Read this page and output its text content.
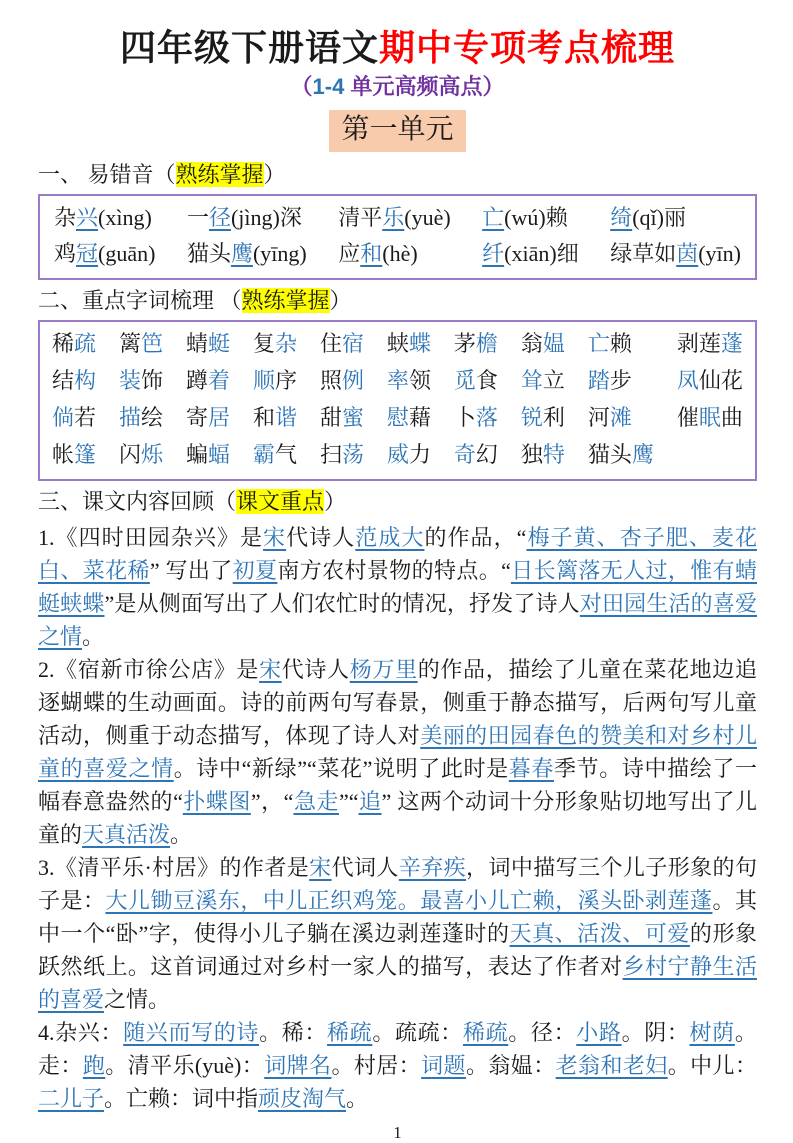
四年级下册语文期中专项考点梳理
（1-4 单元高频高点）
第一单元
一、 易错音（熟练掌握）
杂兴(xìng) 一径(jìng)深 清平乐(yuè) 亡(wú)赖	绮(qǐ)丽
鸡冠(guān) 猫头鹰(yīng) 应和(hè)	纤(xiān)细 绿草如茵(yīn)
二、重点字词梳理 （熟练掌握）
稀疏 篱笆 蜻蜓 复杂 住宿 蛱蝶 茅檐 翁媪 亡赖	剥莲蓬
结构 装饰 蹲着 顺序 照例 率领 觅食 耸立 踏步	凤仙花
倘若 描绘 寄居 和谐 甜蜜 慰藉 卜落 锐利 河滩	催眠曲
帐篷 闪烁 蝙蝠 霸气 扫荡 威力 奇幻 独特 猫头鹰
三、课文内容回顾（课文重点）

1.《四时田园杂兴》是宋代诗人范成大的作品，“梅子黄、杏子肥、麦花白、菜花稀” 写出了初夏南方农村景物的特点。“日长篱落无人过，惟有蜻蜓蛱蝶”是从侧面写出了人们农忙时的情况，抒发了诗人对田园生活的喜爱之情。

2.《宿新市徐公店》是宋代诗人杨万里的作品，描绘了儿童在菜花地边追逐蝴蝶的生动画面。诗的前两句写春景，侧重于静态描写，后两句写儿童活动，侧重于动态描写，体现了诗人对美丽的田园春色的赞美和对乡村儿童的喜爱之情。诗中“新绿”“菜花”说明了此时是暮春季节。诗中描绘了一幅春意盎然的“扑蝶图”，“急走”“追” 这两个动词十分形象贴切地写出了儿童的天真活泼。

3.《清平乐·村居》的作者是宋代词人辛弃疾，词中描写三个儿子形象的句子是：大儿锄豆溪东，中儿正织鸡笼。最喜小儿亡赖，溪头卧剥莲蓬。其中一个“卧”字，使得小儿子躺在溪边剥莲蓬时的天真、活泼、可爱的形象跃然纸上。这首词通过对乡村一家人的描写，表达了作者对乡村宁静生活的喜爱之情。

4.杂兴：随兴而写的诗。稀：稀疏。疏疏：稀疏。径：小路。阴：树荫。走：跑。清平乐(yuè)：词牌名。村居：词题。翁媪：老翁和老妇。中儿：二儿子。亡赖：词中指顽皮淘气。

1
